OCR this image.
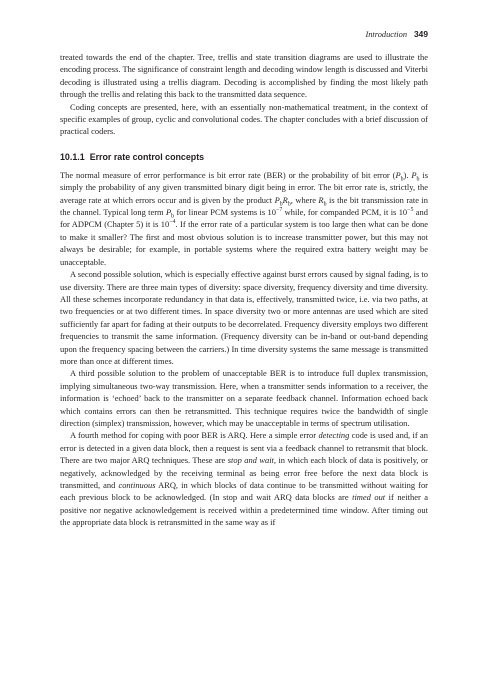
Introduction 349

treated towards the end of the chapter. Tree, trellis and state transition diagrams are used to illustrate the encoding process. The significance of constraint length and decoding window length is discussed and Viterbi decoding is illustrated using a trellis diagram. Decoding is accomplished by finding the most likely path through the trellis and relating this back to the transmitted data sequence.

Coding concepts are presented, here, with an essentially non-mathematical treatment, in the context of specific examples of group, cyclic and convolutional codes. The chapter concludes with a brief discussion of practical coders.

10.1.1 Error rate control concepts

The normal measure of error performance is bit error rate (BER) or the probability of bit error $(P_b)$. $P_b$ is simply the probability of any given transmitted binary digit being in error. The bit error rate is, strictly, the average rate at which errors occur and is given by the product $P_bR_b$, where $R_b$ is the bit transmission rate in the channel. Typical long term $P_b$ for linear PCM systems is $10^{-7}$ while, for companded PCM, it is $10^{-5}$ and for ADPCM (Chapter 5) it is $10^{-4}$. If the error rate of a particular system is too large then what can be done to make it smaller? The first and most obvious solution is to increase transmitter power, but this may not always be desirable; for example, in portable systems where the required extra battery weight may be unacceptable.

A second possible solution, which is especially effective against burst errors caused by signal fading, is to use diversity. There are three main types of diversity: space diversity, frequency diversity and time diversity. All these schemes incorporate redundancy in that data is, effectively, transmitted twice, i.e. via two paths, at two frequencies or at two different times. In space diversity two or more antennas are used which are sited sufficiently far apart for fading at their outputs to be decorrelated. Frequency diversity employs two different frequencies to transmit the same information. (Frequency diversity can be in-band or out-band depending upon the frequency spacing between the carriers.) In time diversity systems the same message is transmitted more than once at different times.

A third possible solution to the problem of unacceptable BER is to introduce full duplex transmission, implying simultaneous two-way transmission. Here, when a transmitter sends information to a receiver, the information is ‘echoed’ back to the transmitter on a separate feedback channel. Information echoed back which contains errors can then be retransmitted. This technique requires twice the bandwidth of single direction (simplex) transmission, however, which may be unacceptable in terms of spectrum utilisation.

A fourth method for coping with poor BER is ARQ. Here a simple error detecting code is used and, if an error is detected in a given data block, then a request is sent via a feedback channel to retransmit that block. There are two major ARQ techniques. These are stop and wait, in which each block of data is positively, or negatively, acknowledged by the receiving terminal as being error free before the next data block is transmitted, and continuous ARQ, in which blocks of data continue to be transmitted without waiting for each previous block to be acknowledged. (In stop and wait ARQ data blocks are timed out if neither a positive nor negative acknowledgement is received within a predetermined time window. After timing out the appropriate data block is retransmitted in the same way as if
